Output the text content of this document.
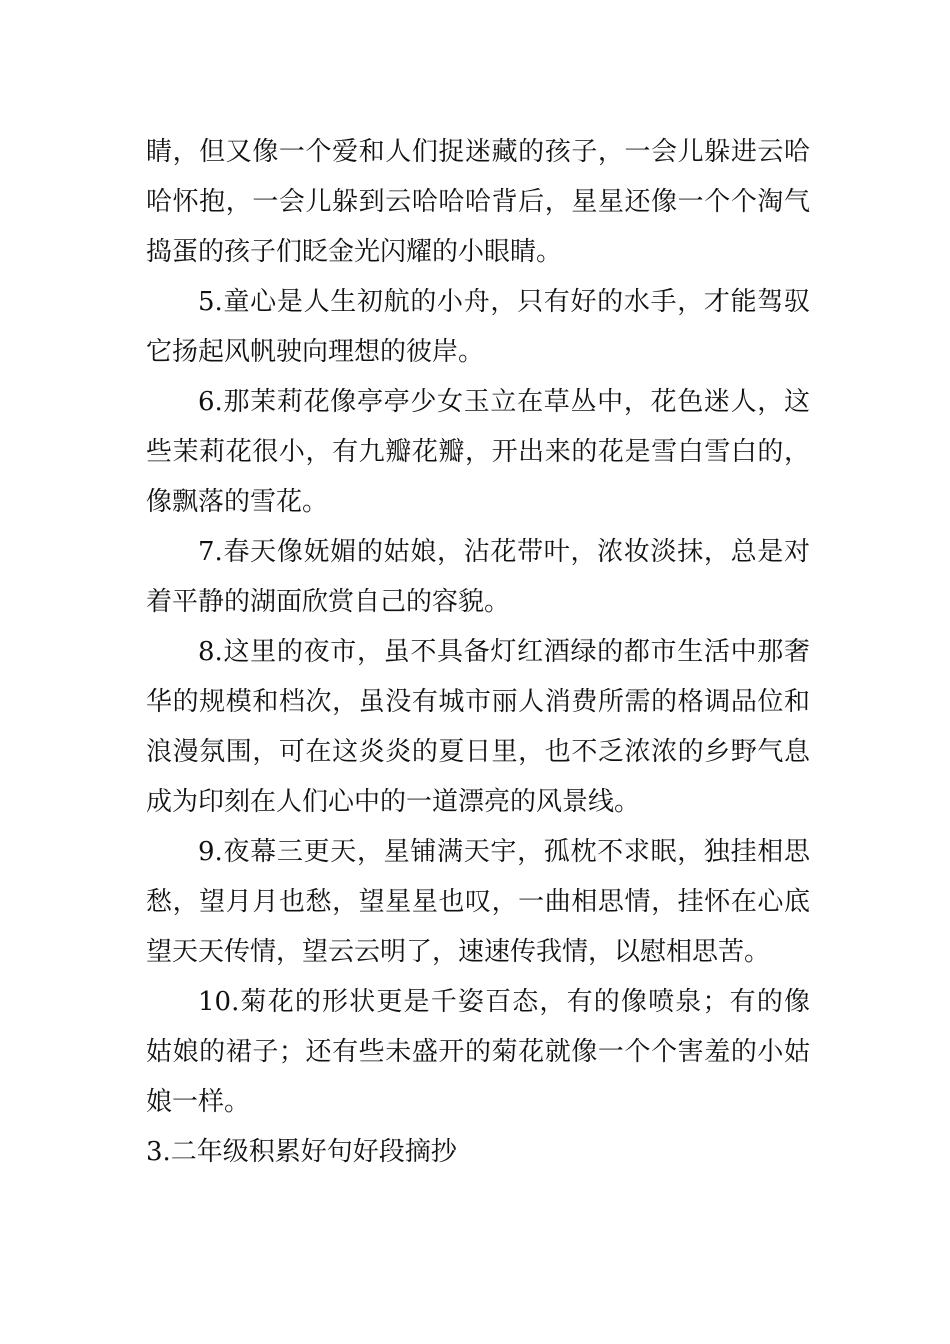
睛，但又像一个爱和人们捉迷藏的孩子，一会儿躲进云哈哈怀抱，一会儿躲到云哈哈哈背后，星星还像一个个淘气捣蛋的孩子们眨金光闪耀的小眼睛。

5.童心是人生初航的小舟，只有好的水手，才能驾驭它扬起风帆驶向理想的彼岸。

6.那茉莉花像亭亭少女玉立在草丛中，花色迷人，这些茉莉花很小，有九瓣花瓣，开出来的花是雪白雪白的，像飘落的雪花。

7.春天像妩媚的姑娘，沾花带叶，浓妆淡抹，总是对着平静的湖面欣赏自己的容貌。

8.这里的夜市，虽不具备灯红酒绿的都市生活中那奢华的规模和档次，虽没有城市丽人消费所需的格调品位和浪漫氛围，可在这炎炎的夏日里，也不乏浓浓的乡野气息成为印刻在人们心中的一道漂亮的风景线。

9.夜幕三更天，星铺满天宇，孤枕不求眠，独挂相思愁，望月月也愁，望星星也叹，一曲相思情，挂怀在心底望天天传情，望云云明了，速速传我情，以慰相思苦。

10.菊花的形状更是千姿百态，有的像喷泉；有的像姑娘的裙子；还有些未盛开的菊花就像一个个害羞的小姑娘一样。

3.二年级积累好句好段摘抄
